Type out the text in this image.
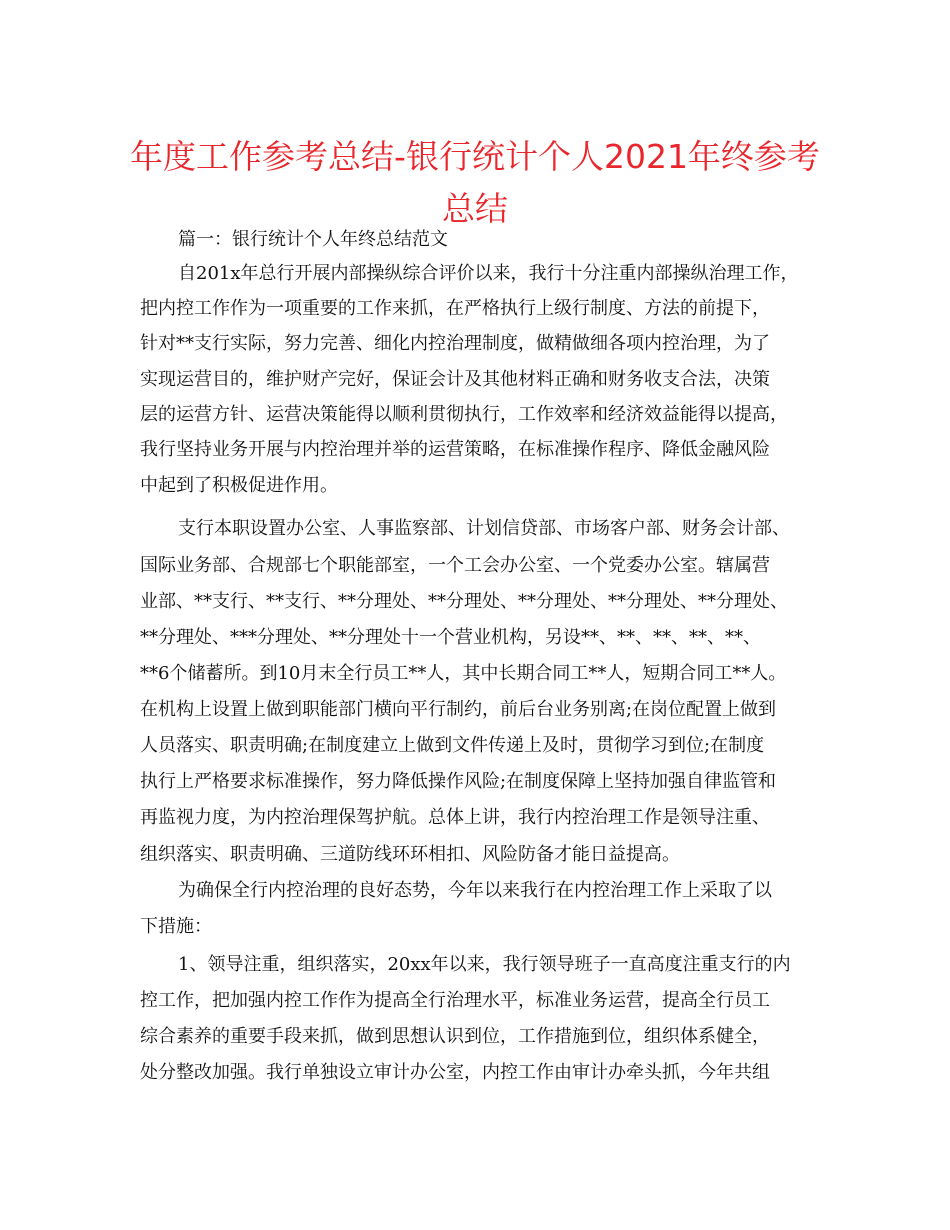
年度工作参考总结-银行统计个人2021年终参考
总结

篇一：银行统计个人年终总结范文

自201x年总行开展内部操纵综合评价以来，我行十分注重内部操纵治理工作，

把内控工作作为一项重要的工作来抓，在严格执行上级行制度、方法的前提下，

针对**支行实际，努力完善、细化内控治理制度，做精做细各项内控治理，为了

实现运营目的，维护财产完好，保证会计及其他材料正确和财务收支合法，决策

层的运营方针、运营决策能得以顺利贯彻执行，工作效率和经济效益能得以提高，

我行坚持业务开展与内控治理并举的运营策略，在标准操作程序、降低金融风险

中起到了积极促进作用。

支行本职设置办公室、人事监察部、计划信贷部、市场客户部、财务会计部、

国际业务部、合规部七个职能部室，一个工会办公室、一个党委办公室。辖属营

业部、**支行、**支行、**分理处、**分理处、**分理处、**分理处、**分理处、

**分理处、***分理处、**分理处十一个营业机构，另设**、**、**、**、**、

**6个储蓄所。到10月末全行员工**人，其中长期合同工**人，短期合同工**人。

在机构上设置上做到职能部门横向平行制约，前后台业务别离;在岗位配置上做到

人员落实、职责明确;在制度建立上做到文件传递上及时，贯彻学习到位;在制度

执行上严格要求标准操作，努力降低操作风险;在制度保障上坚持加强自律监管和

再监视力度，为内控治理保驾护航。总体上讲，我行内控治理工作是领导注重、

组织落实、职责明确、三道防线环环相扣、风险防备才能日益提高。

为确保全行内控治理的良好态势，今年以来我行在内控治理工作上采取了以

下措施：

1、领导注重，组织落实，20xx年以来，我行领导班子一直高度注重支行的内

控工作，把加强内控工作作为提高全行治理水平，标准业务运营，提高全行员工

综合素养的重要手段来抓，做到思想认识到位，工作措施到位，组织体系健全，

处分整改加强。我行单独设立审计办公室，内控工作由审计办牵头抓，今年共组
